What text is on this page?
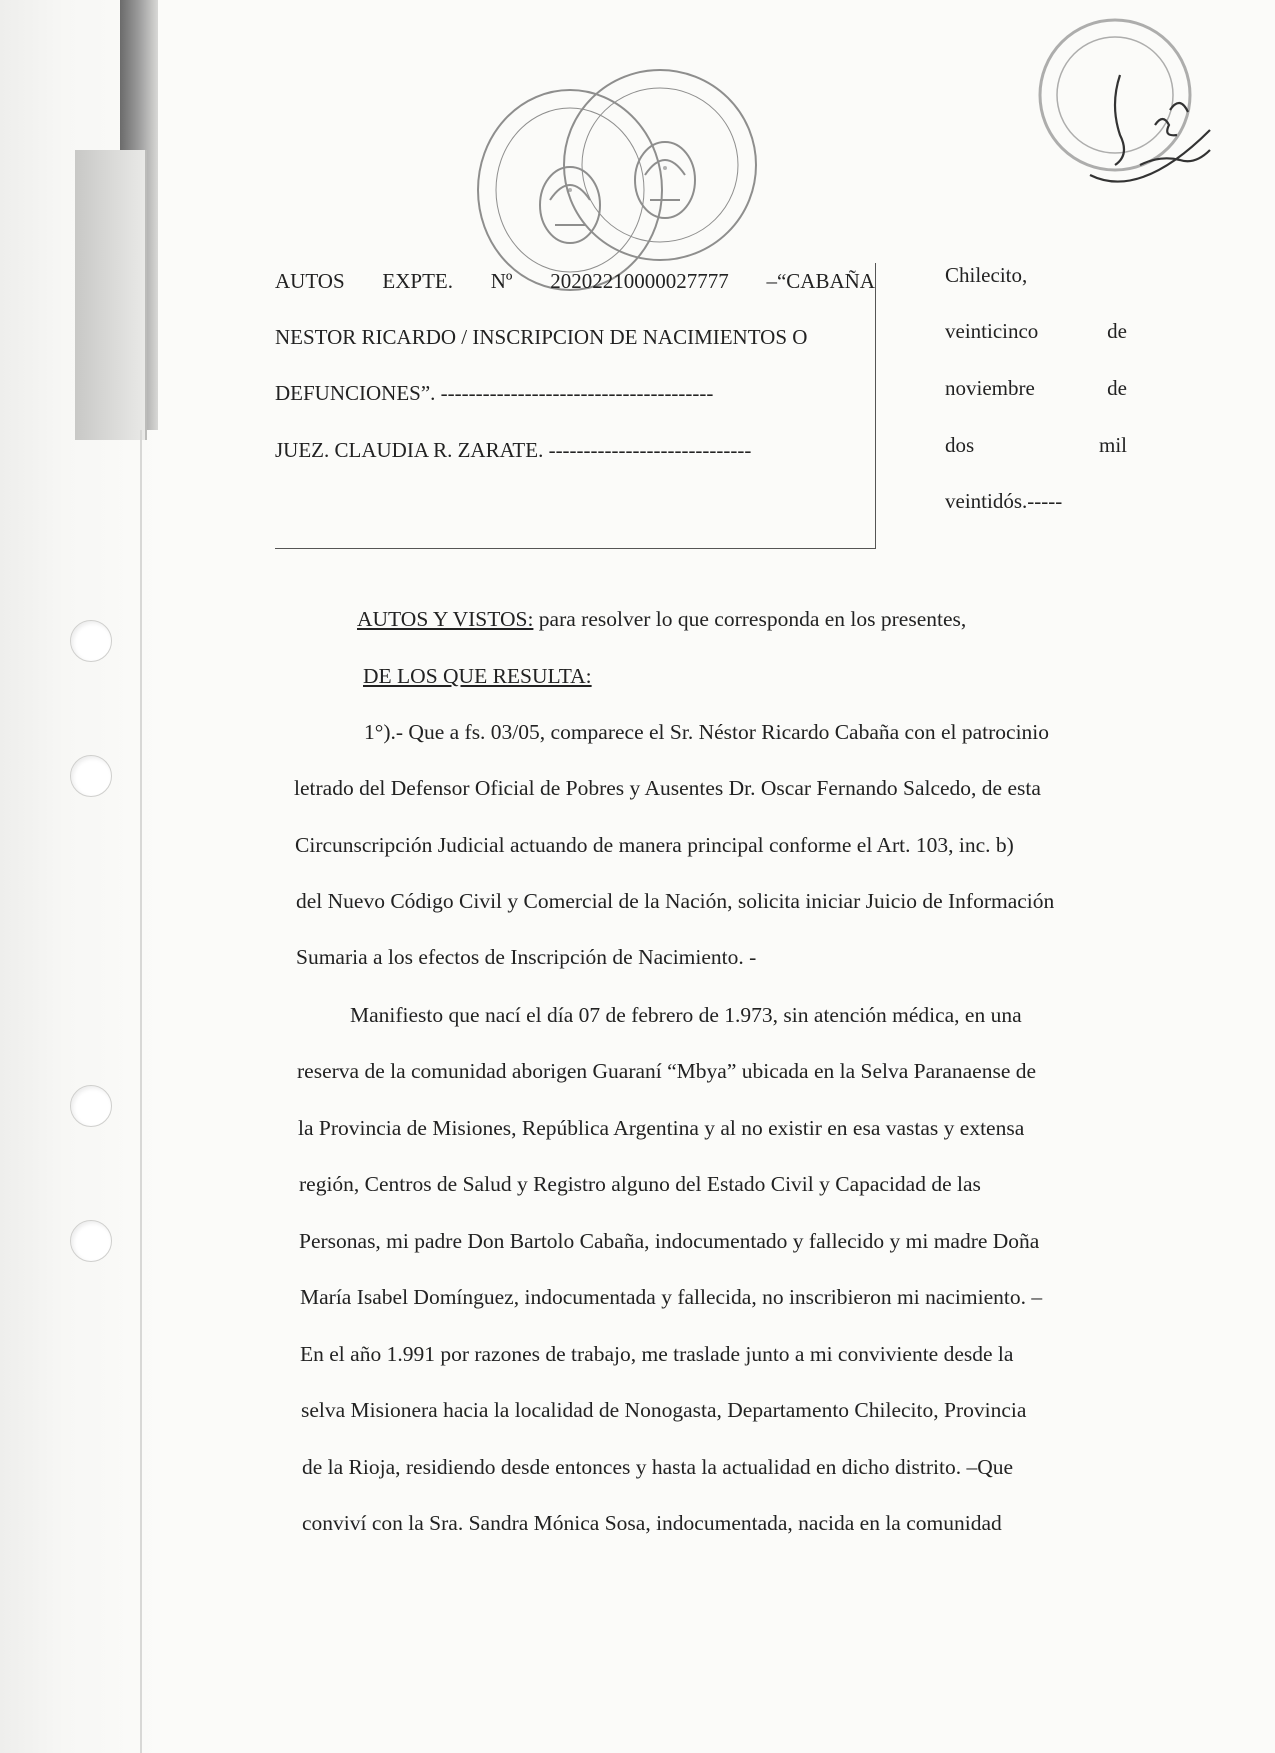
AUTOS EXPTE. Nº 20202210000027777 –“CABAÑA
NESTOR RICARDO / INSCRIPCION DE NACIMIENTOS O
DEFUNCIONES”. ---------------------------------------
JUEZ. CLAUDIA R. ZARATE. -----------------------------
Chilecito,
veinticinco	de
noviembre	de
dos	mil
veintidós.-----
AUTOS Y VISTOS: para resolver lo que corresponda en los presentes,
DE LOS QUE RESULTA:
1°).- Que a fs. 03/05, comparece el Sr. Néstor Ricardo Cabaña con el patrocinio
letrado del Defensor Oficial de Pobres y Ausentes Dr. Oscar Fernando Salcedo, de esta
Circunscripción Judicial actuando de manera principal conforme el Art. 103, inc. b)
del Nuevo Código Civil y Comercial de la Nación, solicita iniciar Juicio de Información
Sumaria a los efectos de Inscripción de Nacimiento. -
Manifiesto que nací el día 07 de febrero de 1.973, sin atención médica, en una
reserva de la comunidad aborigen Guaraní “Mbya” ubicada en la Selva Paranaense de
la Provincia de Misiones, República Argentina y al no existir en esa vastas y extensa
región, Centros de Salud y Registro alguno del Estado Civil y Capacidad de las
Personas, mi padre Don Bartolo Cabaña, indocumentado y fallecido y mi madre Doña
María Isabel Domínguez, indocumentada y fallecida, no inscribieron mi nacimiento. –
En el año 1.991 por razones de trabajo, me traslade junto a mi conviviente desde la
selva Misionera hacia la localidad de Nonogasta, Departamento Chilecito, Provincia
de la Rioja, residiendo desde entonces y hasta la actualidad en dicho distrito. –Que
conviví con la Sra. Sandra Mónica Sosa, indocumentada, nacida en la comunidad
